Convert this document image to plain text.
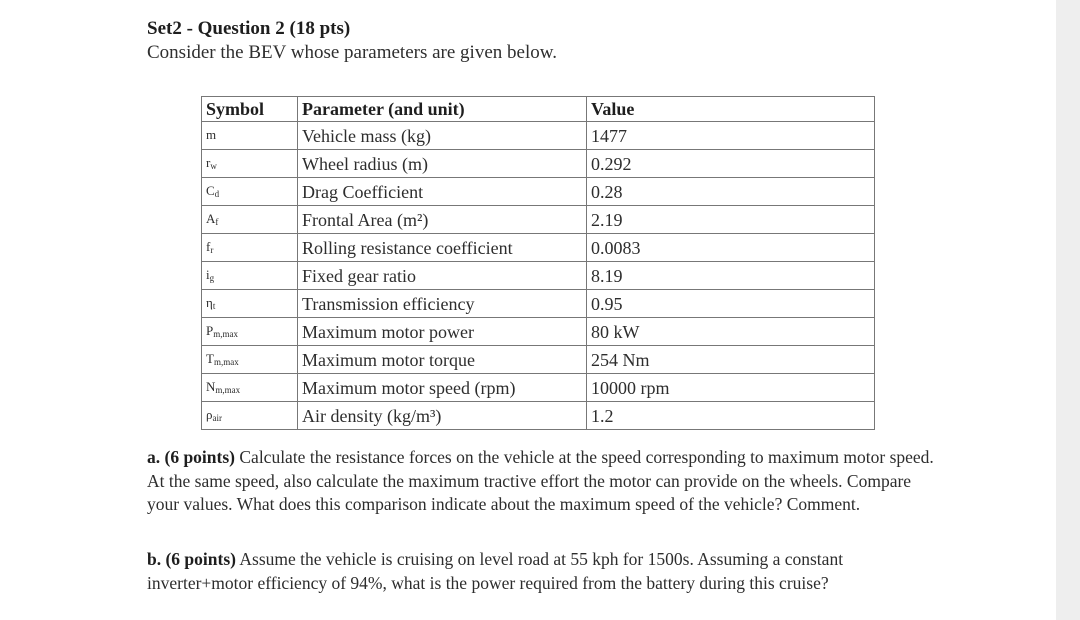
Set2 - Question 2 (18 pts)
Consider the BEV whose parameters are given below.
Symbol	Parameter (and unit)	Value
m	Vehicle mass (kg)	1477
$r_w$	Wheel radius (m)	0.292
$C_d$	Drag Coefficient	0.28
$A_f$	Frontal Area (m²)	2.19
$f_r$	Rolling resistance coefficient	0.0083
$i_g$	Fixed gear ratio	8.19
$\eta_t$	Transmission efficiency	0.95
$P_{m,max}$	Maximum motor power	80 kW
$T_{m,max}$	Maximum motor torque	254 Nm
$N_{m,max}$	Maximum motor speed (rpm)	10000 rpm
$\rho_{air}$	Air density (kg/m³)	1.2
a. (6 points) Calculate the resistance forces on the vehicle at the speed corresponding to maximum motor speed. At the same speed, also calculate the maximum tractive effort the motor can provide on the wheels. Compare your values. What does this comparison indicate about the maximum speed of the vehicle? Comment.
b. (6 points) Assume the vehicle is cruising on level road at 55 kph for 1500s. Assuming a constant inverter+motor efficiency of 94%, what is the power required from the battery during this cruise?
